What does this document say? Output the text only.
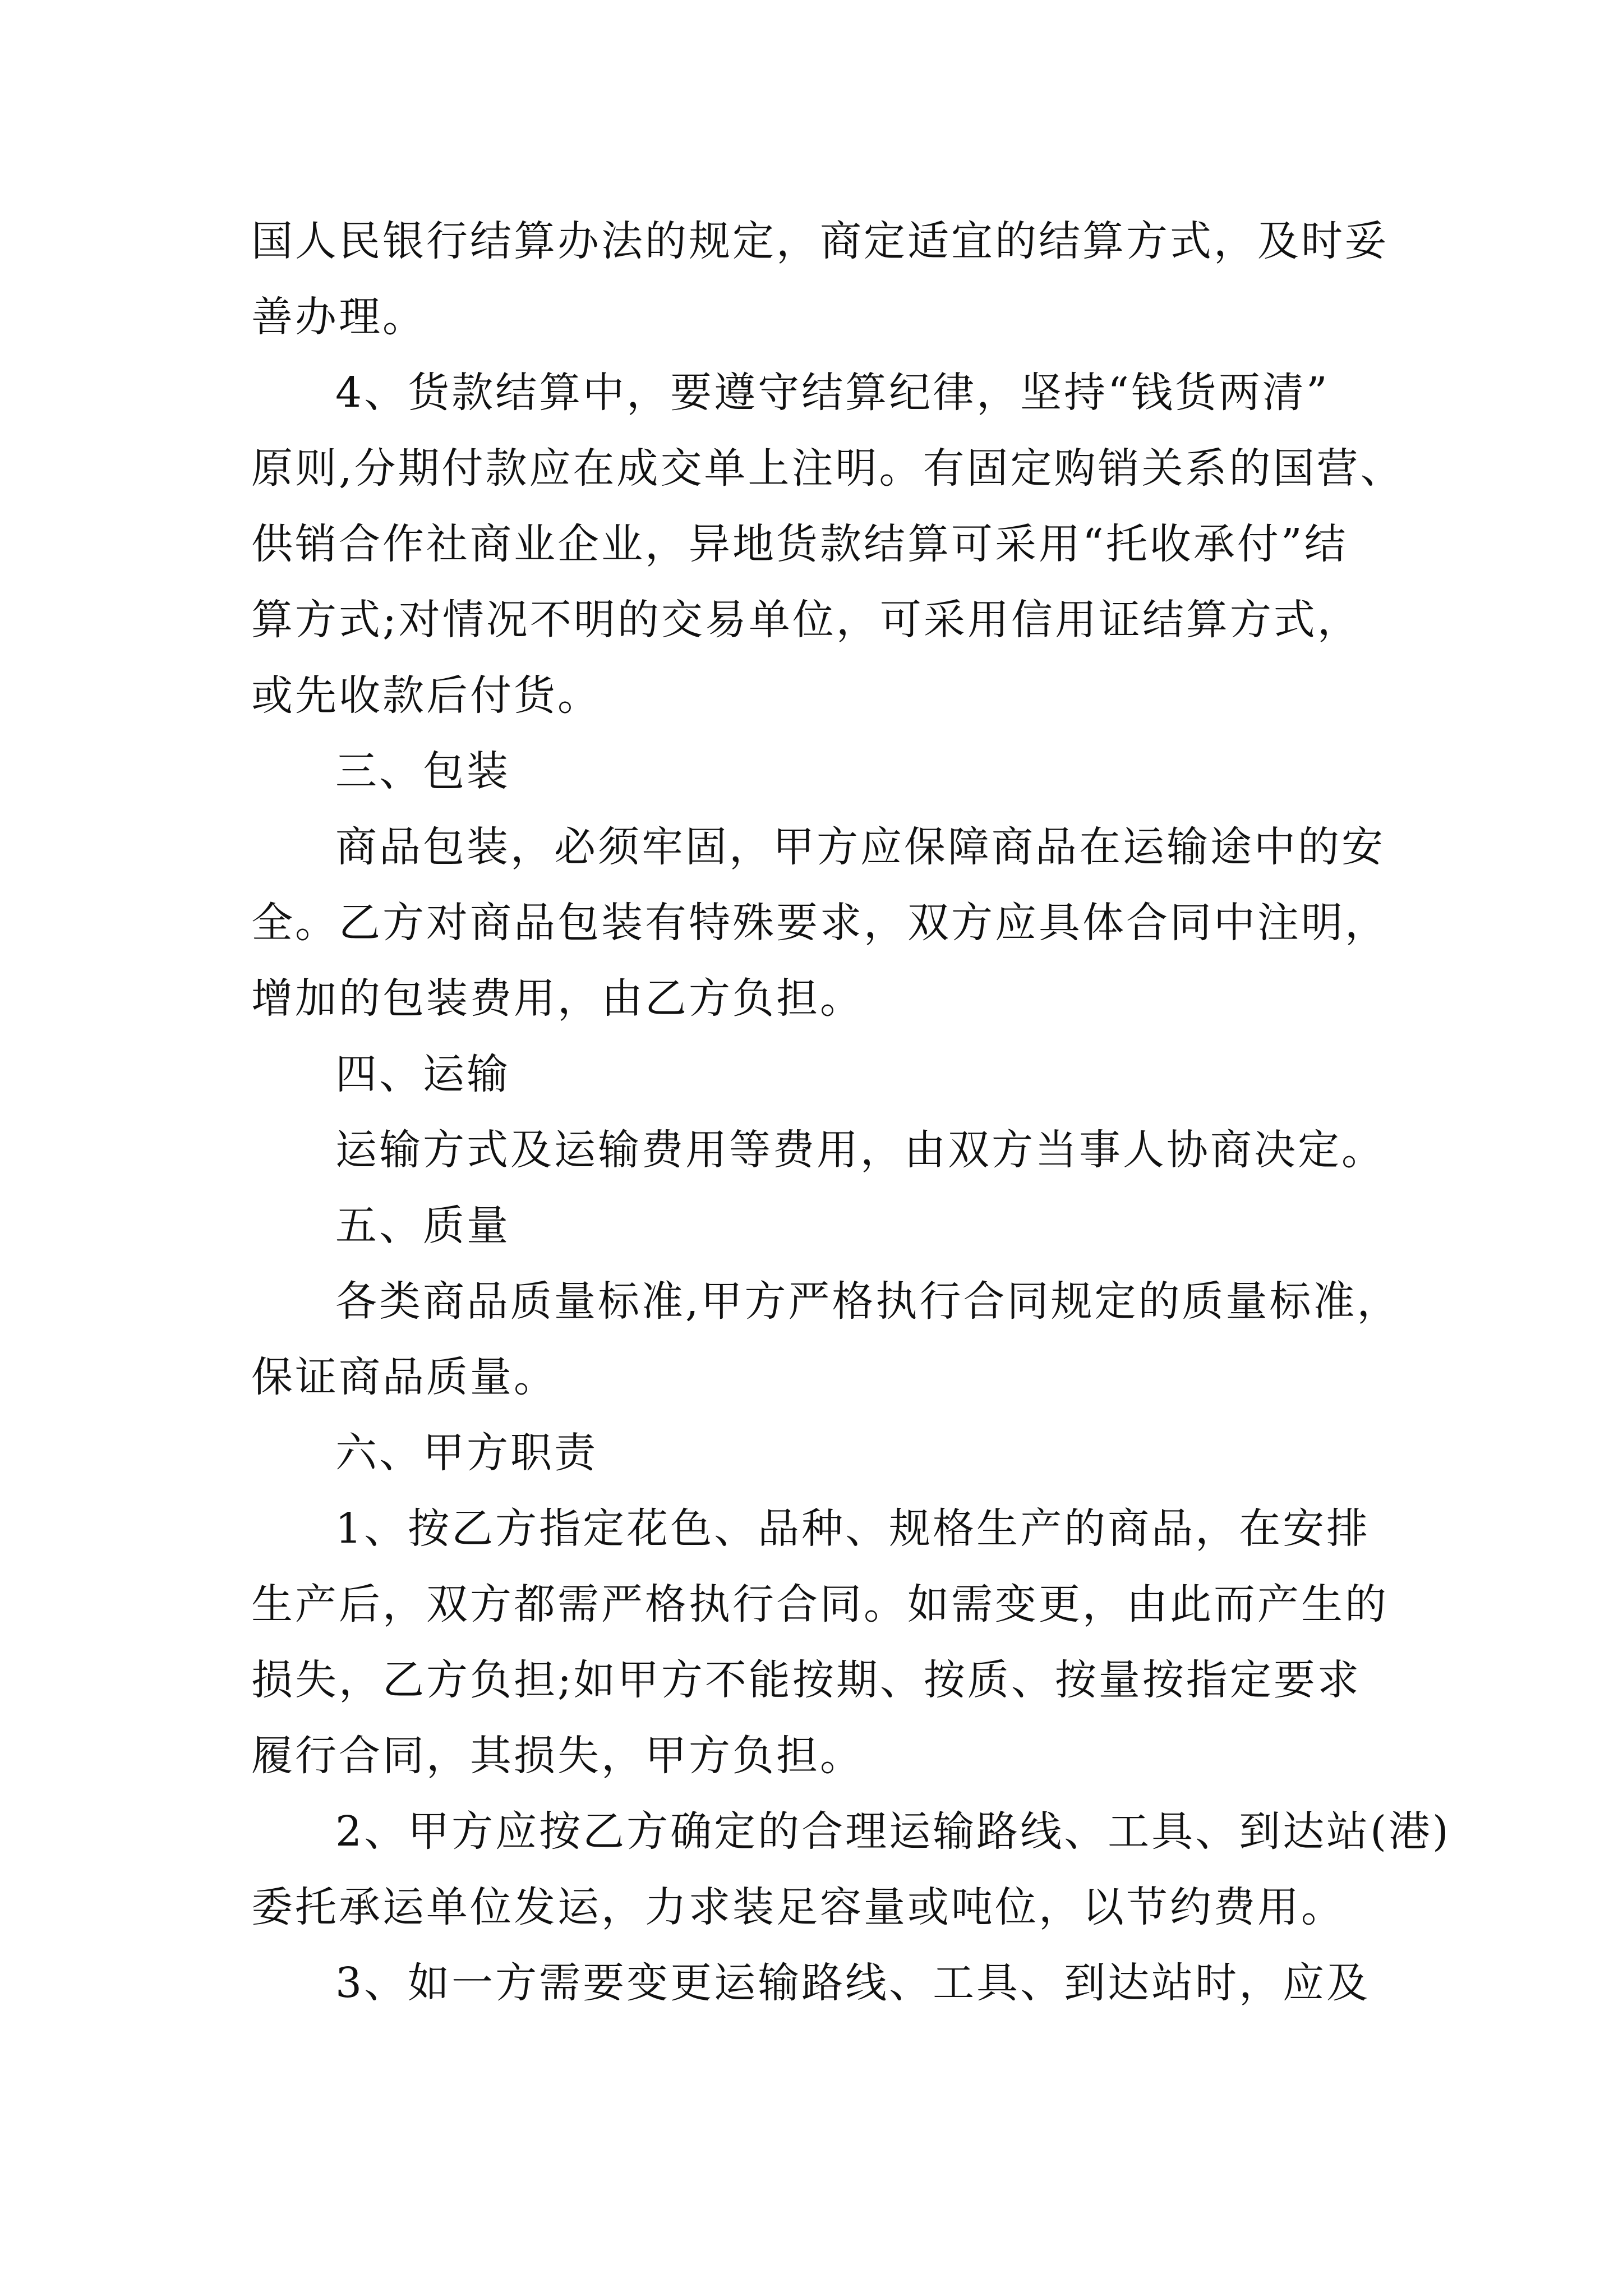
国人民银行结算办法的规定，商定适宜的结算方式，及时妥
善办理。
4、货款结算中，要遵守结算纪律，坚持“钱货两清”
原则,分期付款应在成交单上注明。有固定购销关系的国营、
供销合作社商业企业，异地货款结算可采用“托收承付”结
算方式;对情况不明的交易单位，可采用信用证结算方式，
或先收款后付货。
三、包装
商品包装，必须牢固，甲方应保障商品在运输途中的安
全。乙方对商品包装有特殊要求，双方应具体合同中注明，
增加的包装费用，由乙方负担。
四、运输
运输方式及运输费用等费用，由双方当事人协商决定。
五、质量
各类商品质量标准,甲方严格执行合同规定的质量标准，
保证商品质量。
六、甲方职责
1、按乙方指定花色、品种、规格生产的商品，在安排
生产后，双方都需严格执行合同。如需变更，由此而产生的
损失，乙方负担;如甲方不能按期、按质、按量按指定要求
履行合同，其损失，甲方负担。
2、甲方应按乙方确定的合理运输路线、工具、到达站(港)
委托承运单位发运，力求装足容量或吨位，以节约费用。
3、如一方需要变更运输路线、工具、到达站时，应及
